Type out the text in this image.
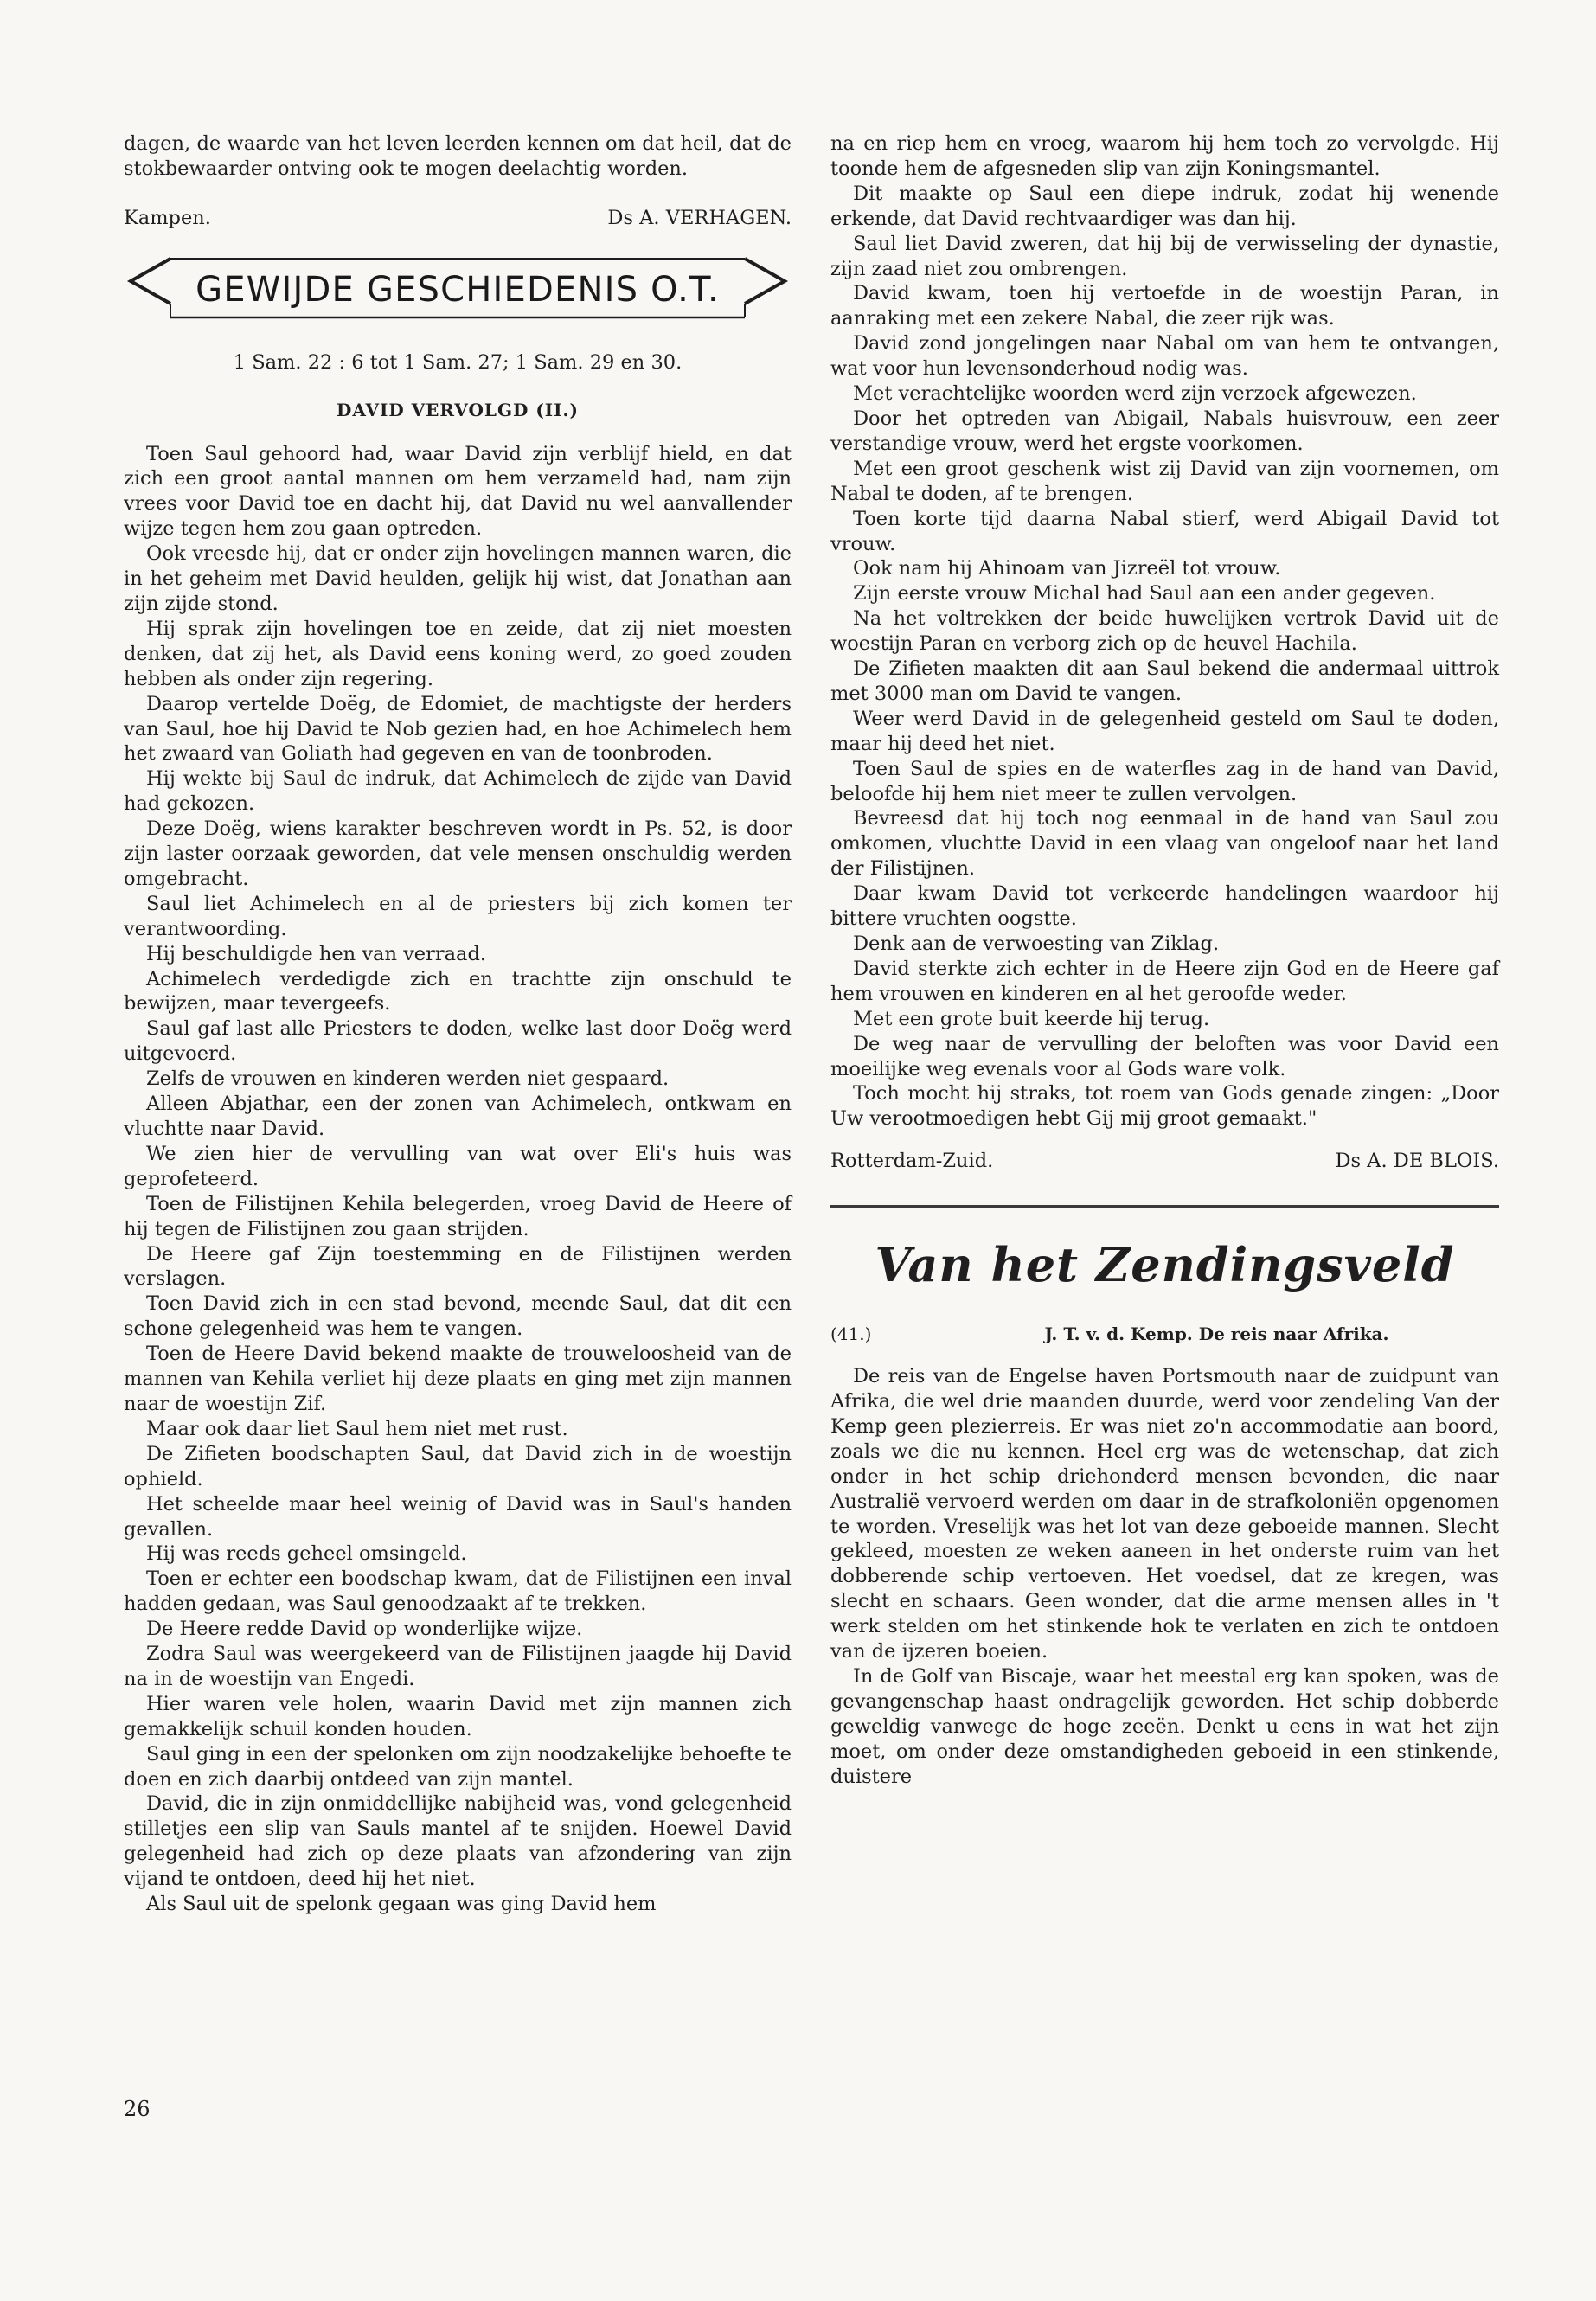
dagen, de waarde van het leven leerden kennen om dat heil, dat de stokbewaarder ontving ook te mogen deelachtig worden.

Kampen.	Ds A. VERHAGEN.
GEWIJDE GESCHIEDENIS O.T.
1 Sam. 22 : 6 tot 1 Sam. 27; 1 Sam. 29 en 30.
DAVID VERVOLGD (II.)

Toen Saul gehoord had, waar David zijn verblijf hield, en dat zich een groot aantal mannen om hem verzameld had, nam zijn vrees voor David toe en dacht hij, dat David nu wel aanvallender wijze tegen hem zou gaan optreden.

Ook vreesde hij, dat er onder zijn hovelingen mannen waren, die in het geheim met David heulden, gelijk hij wist, dat Jonathan aan zijn zijde stond.

Hij sprak zijn hovelingen toe en zeide, dat zij niet moesten denken, dat zij het, als David eens koning werd, zo goed zouden hebben als onder zijn regering.

Daarop vertelde Doëg, de Edomiet, de machtigste der herders van Saul, hoe hij David te Nob gezien had, en hoe Achimelech hem het zwaard van Goliath had gegeven en van de toonbroden.

Hij wekte bij Saul de indruk, dat Achimelech de zijde van David had gekozen.

Deze Doëg, wiens karakter beschreven wordt in Ps. 52, is door zijn laster oorzaak geworden, dat vele mensen onschuldig werden omgebracht.

Saul liet Achimelech en al de priesters bij zich komen ter verantwoording.

Hij beschuldigde hen van verraad.

Achimelech verdedigde zich en trachtte zijn onschuld te bewijzen, maar tevergeefs.

Saul gaf last alle Priesters te doden, welke last door Doëg werd uitgevoerd.

Zelfs de vrouwen en kinderen werden niet gespaard.

Alleen Abjathar, een der zonen van Achimelech, ontkwam en vluchtte naar David.

We zien hier de vervulling van wat over Eli's huis was geprofeteerd.

Toen de Filistijnen Kehila belegerden, vroeg David de Heere of hij tegen de Filistijnen zou gaan strijden.

De Heere gaf Zijn toestemming en de Filistijnen werden verslagen.

Toen David zich in een stad bevond, meende Saul, dat dit een schone gelegenheid was hem te vangen.

Toen de Heere David bekend maakte de trouweloosheid van de mannen van Kehila verliet hij deze plaats en ging met zijn mannen naar de woestijn Zif.

Maar ook daar liet Saul hem niet met rust.

De Zifieten boodschapten Saul, dat David zich in de woestijn ophield.

Het scheelde maar heel weinig of David was in Saul's handen gevallen.

Hij was reeds geheel omsingeld.

Toen er echter een boodschap kwam, dat de Filistijnen een inval hadden gedaan, was Saul genoodzaakt af te trekken.

De Heere redde David op wonderlijke wijze.

Zodra Saul was weergekeerd van de Filistijnen jaagde hij David na in de woestijn van Engedi.

Hier waren vele holen, waarin David met zijn mannen zich gemakkelijk schuil konden houden.

Saul ging in een der spelonken om zijn noodzakelijke behoefte te doen en zich daarbij ontdeed van zijn mantel.

David, die in zijn onmiddellijke nabijheid was, vond gelegenheid stilletjes een slip van Sauls mantel af te snijden. Hoewel David gelegenheid had zich op deze plaats van afzondering van zijn vijand te ontdoen, deed hij het niet.

Als Saul uit de spelonk gegaan was ging David hem

na en riep hem en vroeg, waarom hij hem toch zo vervolgde. Hij toonde hem de afgesneden slip van zijn Koningsmantel.

Dit maakte op Saul een diepe indruk, zodat hij wenende erkende, dat David rechtvaardiger was dan hij.

Saul liet David zweren, dat hij bij de verwisseling der dynastie, zijn zaad niet zou ombrengen.

David kwam, toen hij vertoefde in de woestijn Paran, in aanraking met een zekere Nabal, die zeer rijk was.

David zond jongelingen naar Nabal om van hem te ontvangen, wat voor hun levensonderhoud nodig was.

Met verachtelijke woorden werd zijn verzoek afgewezen.

Door het optreden van Abigail, Nabals huisvrouw, een zeer verstandige vrouw, werd het ergste voorkomen.

Met een groot geschenk wist zij David van zijn voornemen, om Nabal te doden, af te brengen.

Toen korte tijd daarna Nabal stierf, werd Abigail David tot vrouw.

Ook nam hij Ahinoam van Jizreël tot vrouw.

Zijn eerste vrouw Michal had Saul aan een ander gegeven.

Na het voltrekken der beide huwelijken vertrok David uit de woestijn Paran en verborg zich op de heuvel Hachila.

De Zifieten maakten dit aan Saul bekend die andermaal uittrok met 3000 man om David te vangen.

Weer werd David in de gelegenheid gesteld om Saul te doden, maar hij deed het niet.

Toen Saul de spies en de waterfles zag in de hand van David, beloofde hij hem niet meer te zullen vervolgen.

Bevreesd dat hij toch nog eenmaal in de hand van Saul zou omkomen, vluchtte David in een vlaag van ongeloof naar het land der Filistijnen.

Daar kwam David tot verkeerde handelingen waardoor hij bittere vruchten oogstte.

Denk aan de verwoesting van Ziklag.

David sterkte zich echter in de Heere zijn God en de Heere gaf hem vrouwen en kinderen en al het geroofde weder.

Met een grote buit keerde hij terug.

De weg naar de vervulling der beloften was voor David een moeilijke weg evenals voor al Gods ware volk.

Toch mocht hij straks, tot roem van Gods genade zingen: „Door Uw verootmoedigen hebt Gij mij groot gemaakt."

Rotterdam-Zuid.	Ds A. DE BLOIS.
Van het Zendingsveld
(41.)	J. T. v. d. Kemp. De reis naar Afrika.

De reis van de Engelse haven Portsmouth naar de zuidpunt van Afrika, die wel drie maanden duurde, werd voor zendeling Van der Kemp geen plezierreis. Er was niet zo'n accommodatie aan boord, zoals we die nu kennen. Heel erg was de wetenschap, dat zich onder in het schip driehonderd mensen bevonden, die naar Australië vervoerd werden om daar in de strafkoloniën opgenomen te worden. Vreselijk was het lot van deze geboeide mannen. Slecht gekleed, moesten ze weken aaneen in het onderste ruim van het dobberende schip vertoeven. Het voedsel, dat ze kregen, was slecht en schaars. Geen wonder, dat die arme mensen alles in 't werk stelden om het stinkende hok te verlaten en zich te ontdoen van de ijzeren boeien.

In de Golf van Biscaje, waar het meestal erg kan spoken, was de gevangenschap haast ondragelijk geworden. Het schip dobberde geweldig vanwege de hoge zeeën. Denkt u eens in wat het zijn moet, om onder deze omstandigheden geboeid in een stinkende, duistere

26
